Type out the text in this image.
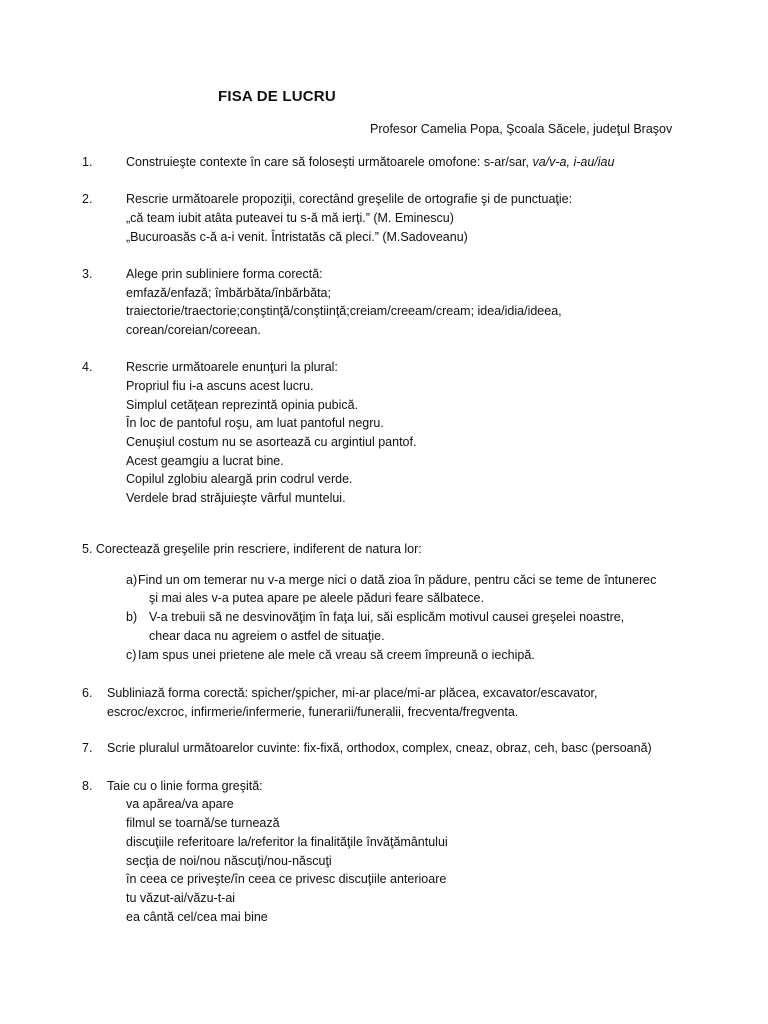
FISA DE LUCRU
Profesor Camelia Popa, Şcoala Săcele, judeţul Braşov
1.	Construieşte contexte în care să foloseşti următoarele omofone: s-ar/sar, va/v-a, i-au/iau
2.	Rescrie următoarele propoziţii, corectând greşelile de ortografie şi de punctuaţie:
„că team iubit atâta puteavei tu s-ă mă ierţi.” (M. Eminescu)
„Bucuroasăs c-ă a-i venit. Întristatăs că pleci.” (M.Sadoveanu)
3.	Alege prin subliniere forma corectă:
emfază/enfază; îmbărbăta/înbărbăta;
traiectorie/traectorie;conştinţă/conştiinţă;creiam/creeam/cream; idea/idia/ideea,
corean/coreian/coreean.
4.	Rescrie următoarele enunţuri la plural:
Propriul fiu i-a ascuns acest lucru.
Simplul cetăţean reprezintă opinia pubică.
În loc de pantoful roşu, am luat pantoful negru.
Cenuşiul costum nu se asortează cu argintiul pantof.
Acest geamgiu a lucrat bine.
Copilul zglobiu aleargă prin codrul verde.
Verdele brad străjuieşte vârful muntelui.
5. Corectează greşelile prin rescriere, indiferent de natura lor:
a) Find un om temerar nu v-a merge nici o dată zioa în pădure, pentru căci se teme de întunerec
şi mai ales v-a putea apare pe aleele păduri feare sălbatece.
b) V-a trebuii să ne desvinovăţim în faţa lui, săi esplicăm motivul causei greşelei noastre,
chear daca nu agreiem o astfel de situaţie.
c) Iam spus unei prietene ale mele că vreau să creem împreună o iechipă.
6. Subliniază forma corectă: spicher/şpicher, mi-ar place/mi-ar plăcea, excavator/escavator,
escroc/excroc, infirmerie/infermerie, funerarii/funeralii, frecventa/fregventa.
7. Scrie pluralul următoarelor cuvinte: fix-fixă, orthodox, complex, cneaz, obraz, ceh, basc (persoană)
8. Taie cu o linie forma greşită:
va apărea/va apare
filmul se toarnă/se turnează
discuţiile referitoare la/referitor la finalităţile învăţământului
secţia de noi/nou născuţi/nou-născuţi
în ceea ce priveşte/în ceea ce privesc discuţiile anterioare
tu văzut-ai/văzu-t-ai
ea cântă cel/cea mai bine
